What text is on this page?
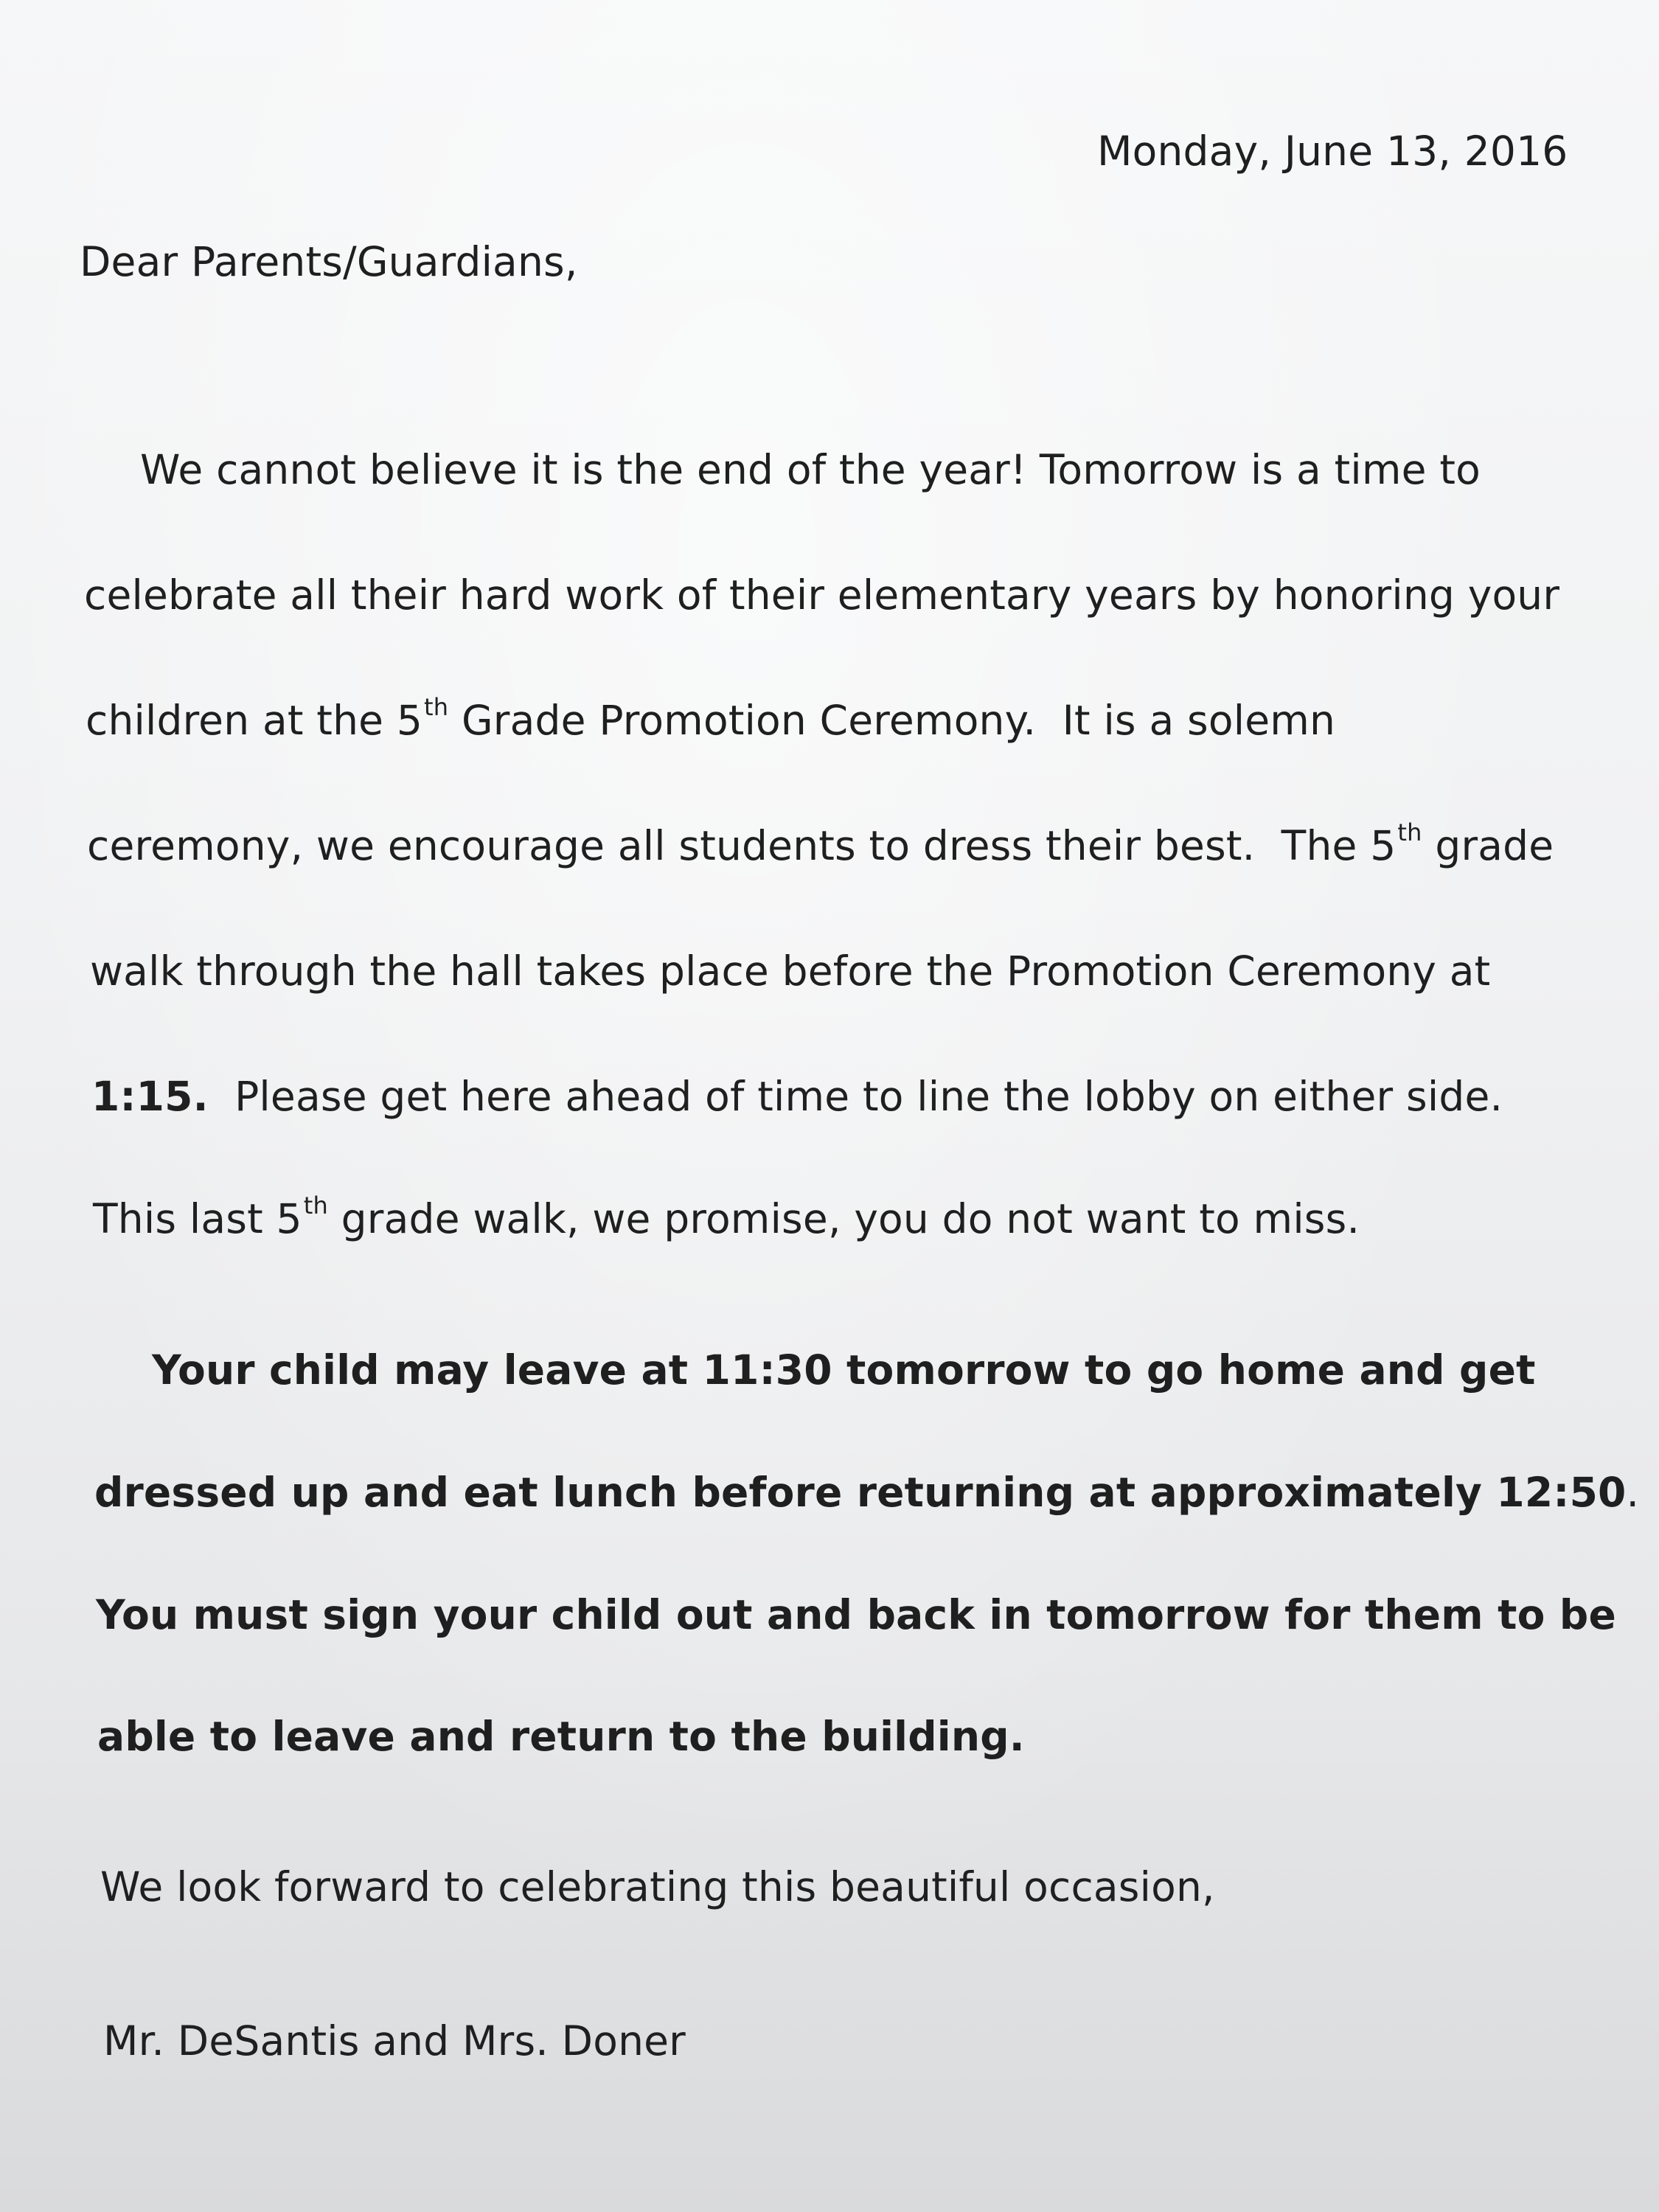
Monday, June 13, 2016
Dear Parents/Guardians,
We cannot believe it is the end of the year! Tomorrow is a time to
celebrate all their hard work of their elementary years by honoring your
children at the 5th Grade Promotion Ceremony.  It is a solemn
ceremony, we encourage all students to dress their best.  The 5th grade
walk through the hall takes place before the Promotion Ceremony at
1:15.  Please get here ahead of time to line the lobby on either side.
This last 5th grade walk, we promise, you do not want to miss.
Your child may leave at 11:30 tomorrow to go home and get
dressed up and eat lunch before returning at approximately 12:50.
You must sign your child out and back in tomorrow for them to be
able to leave and return to the building.
We look forward to celebrating this beautiful occasion,
Mr. DeSantis and Mrs. Doner
